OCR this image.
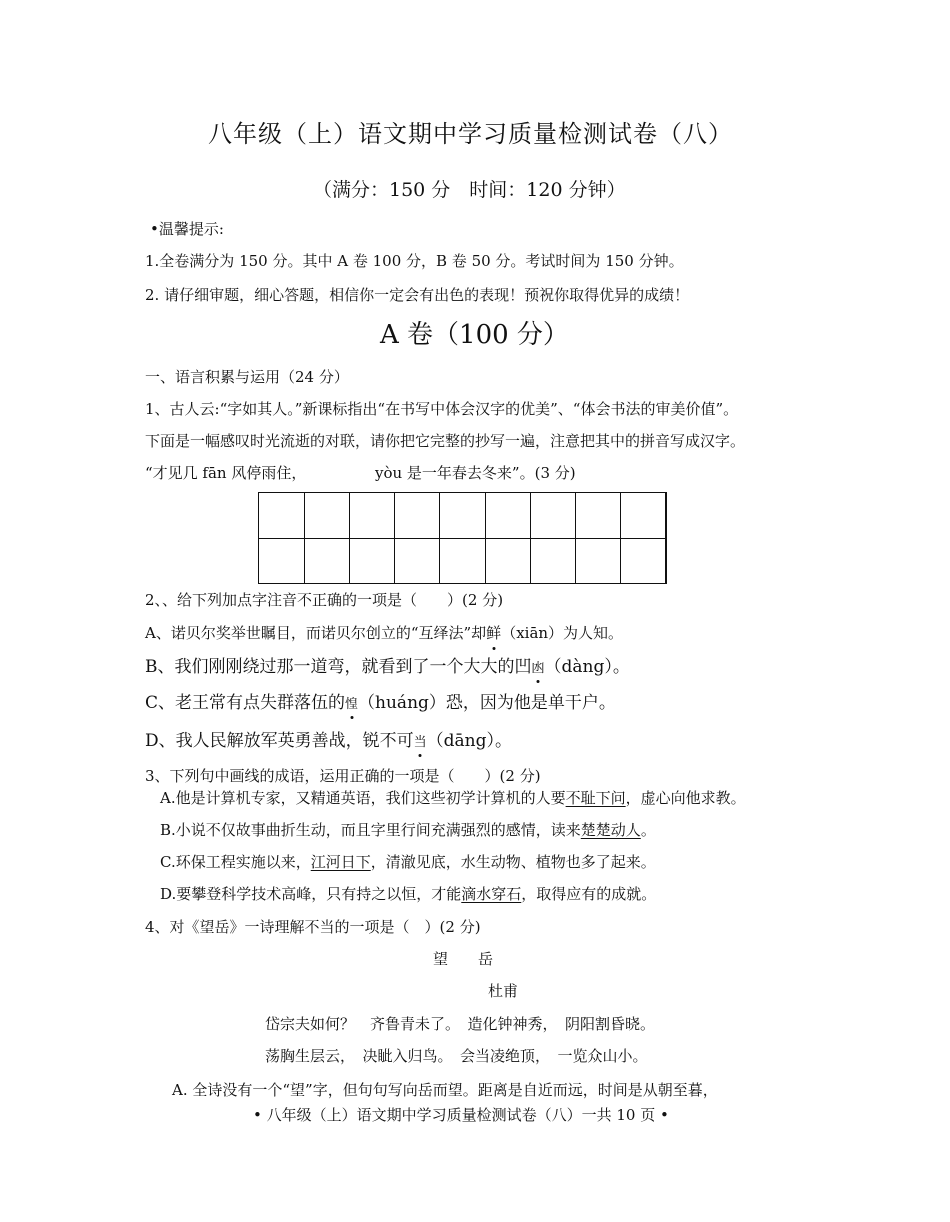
八年级（上）语文期中学习质量检测试卷（八）
（满分：150 分　时间：120 分钟）
•温馨提示:
1.全卷满分为 150 分。其中 A 卷 100 分，B 卷 50 分。考试时间为 150 分钟。
2. 请仔细审题，细心答题，相信你一定会有出色的表现！预祝你取得优异的成绩！
A 卷（100 分）
一、语言积累与运用（24 分）
1、古人云:“字如其人。”新课标指出“在书写中体会汉字的优美”、“体会书法的审美价值”。
下面是一幅感叹时光流逝的对联，请你把它完整的抄写一遍，注意把其中的拼音写成汉字。
“才见几 fān 风停雨住，	yòu 是一年春去冬来”。(3 分)
2、、给下列加点字注音不正确的一项是（　　）(2 分)
A、诺贝尔奖举世瞩目，而诺贝尔创立的“互绎法”却鲜（xiān）为人知。
B、我们刚刚绕过那一道弯，就看到了一个大大的凹凼（dàng）。
C、老王常有点失群落伍的惶（huáng）恐，因为他是单干户。
D、我人民解放军英勇善战，锐不可当（dāng）。
3、下列句中画线的成语，运用正确的一项是（　　）(2 分)
A.他是计算机专家，又精通英语，我们这些初学计算机的人要不耻下问，虚心向他求教。
B.小说不仅故事曲折生动，而且字里行间充满强烈的感情，读来楚楚动人。
C.环保工程实施以来，江河日下，清澈见底，水生动物、植物也多了起来。
D.要攀登科学技术高峰，只有持之以恒，才能滴水穿石，取得应有的成就。
4、对《望岳》一诗理解不当的一项是（　）(2 分)
望　　岳
杜甫
岱宗夫如何？　齐鲁青未了。　造化钟神秀，　阴阳割昏晓。
荡胸生层云，　决眦入归鸟。　会当凌绝顶，　一览众山小。
A. 全诗没有一个“望”字，但句句写向岳而望。距离是自近而远，时间是从朝至暮，
• 八年级（上）语文期中学习质量检测试卷（八）一共 10 页 •
